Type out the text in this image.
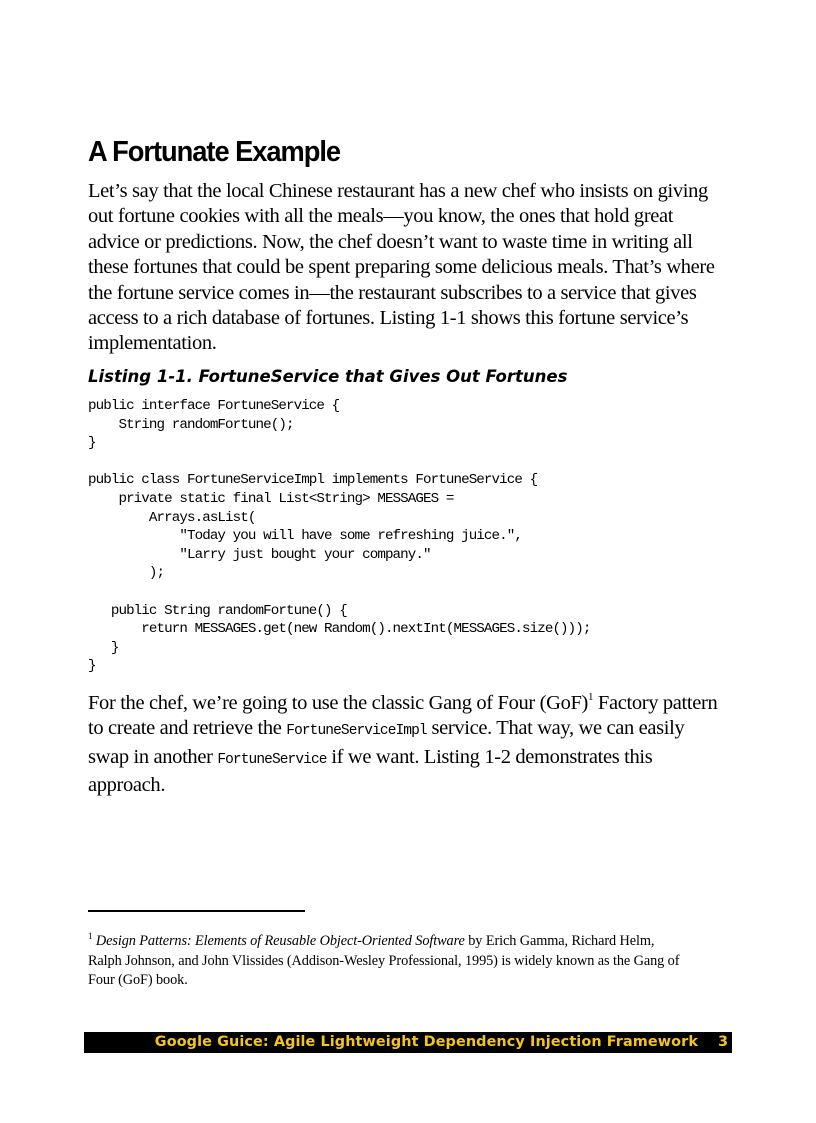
A Fortunate Example

Let’s say that the local Chinese restaurant has a new chef who insists on giving
out fortune cookies with all the meals—you know, the ones that hold great
advice or predictions. Now, the chef doesn’t want to waste time in writing all
these fortunes that could be spent preparing some delicious meals. That’s where
the fortune service comes in—the restaurant subscribes to a service that gives
access to a rich database of fortunes. Listing 1-1 shows this fortune service’s
implementation.

Listing 1-1. FortuneService that Gives Out Fortunes
public interface FortuneService {
String randomFortune();
}

public class FortuneServiceImpl implements FortuneService {
private static final List<String> MESSAGES =
Arrays.asList(
"Today you will have some refreshing juice.",
"Larry just bought your company."
);

public String randomFortune() {
return MESSAGES.get(new Random().nextInt(MESSAGES.size()));
}
}

For the chef, we’re going to use the classic Gang of Four (GoF)$^1$ Factory pattern
to create and retrieve the FortuneServiceImpl service. That way, we can easily
swap in another FortuneService if we want. Listing 1-2 demonstrates this
approach.

$^1$ Design Patterns: Elements of Reusable Object-Oriented Software by Erich Gamma, Richard Helm,
Ralph Johnson, and John Vlissides (Addison-Wesley Professional, 1995) is widely known as the Gang of
Four (GoF) book.

Google Guice: Agile Lightweight Dependency Injection Framework 3
